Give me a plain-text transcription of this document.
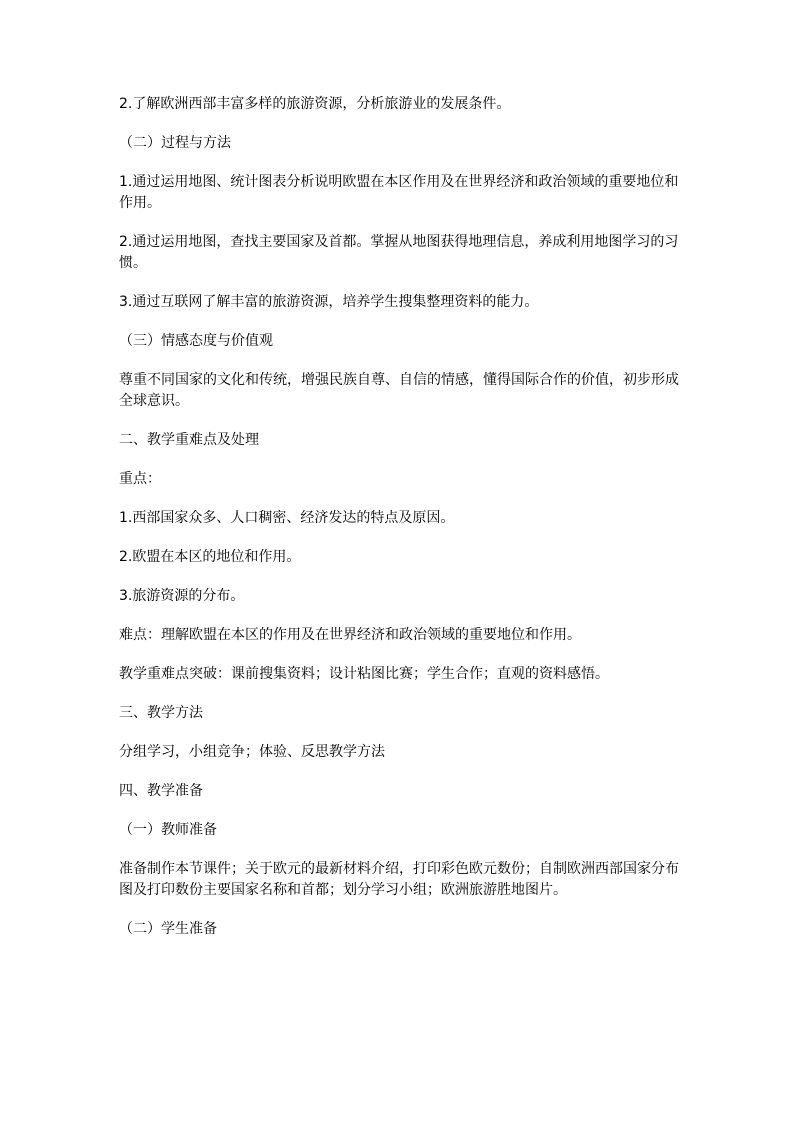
2.了解欧洲西部丰富多样的旅游资源，分析旅游业的发展条件。

（二）过程与方法

1.通过运用地图、统计图表分析说明欧盟在本区作用及在世界经济和政治领域的重要地位和作用。

2.通过运用地图，查找主要国家及首都。掌握从地图获得地理信息，养成利用地图学习的习惯。

3.通过互联网了解丰富的旅游资源，培养学生搜集整理资料的能力。

（三）情感态度与价值观

尊重不同国家的文化和传统，增强民族自尊、自信的情感，懂得国际合作的价值，初步形成全球意识。

二、教学重难点及处理

重点：

1.西部国家众多、人口稠密、经济发达的特点及原因。

2.欧盟在本区的地位和作用。

3.旅游资源的分布。

难点：理解欧盟在本区的作用及在世界经济和政治领域的重要地位和作用。

教学重难点突破：课前搜集资料；设计粘图比赛；学生合作；直观的资料感悟。

三、教学方法

分组学习，小组竞争；体验、反思教学方法

四、教学准备

（一）教师准备

准备制作本节课件；关于欧元的最新材料介绍，打印彩色欧元数份；自制欧洲西部国家分布图及打印数份主要国家名称和首都；划分学习小组；欧洲旅游胜地图片。

（二）学生准备
